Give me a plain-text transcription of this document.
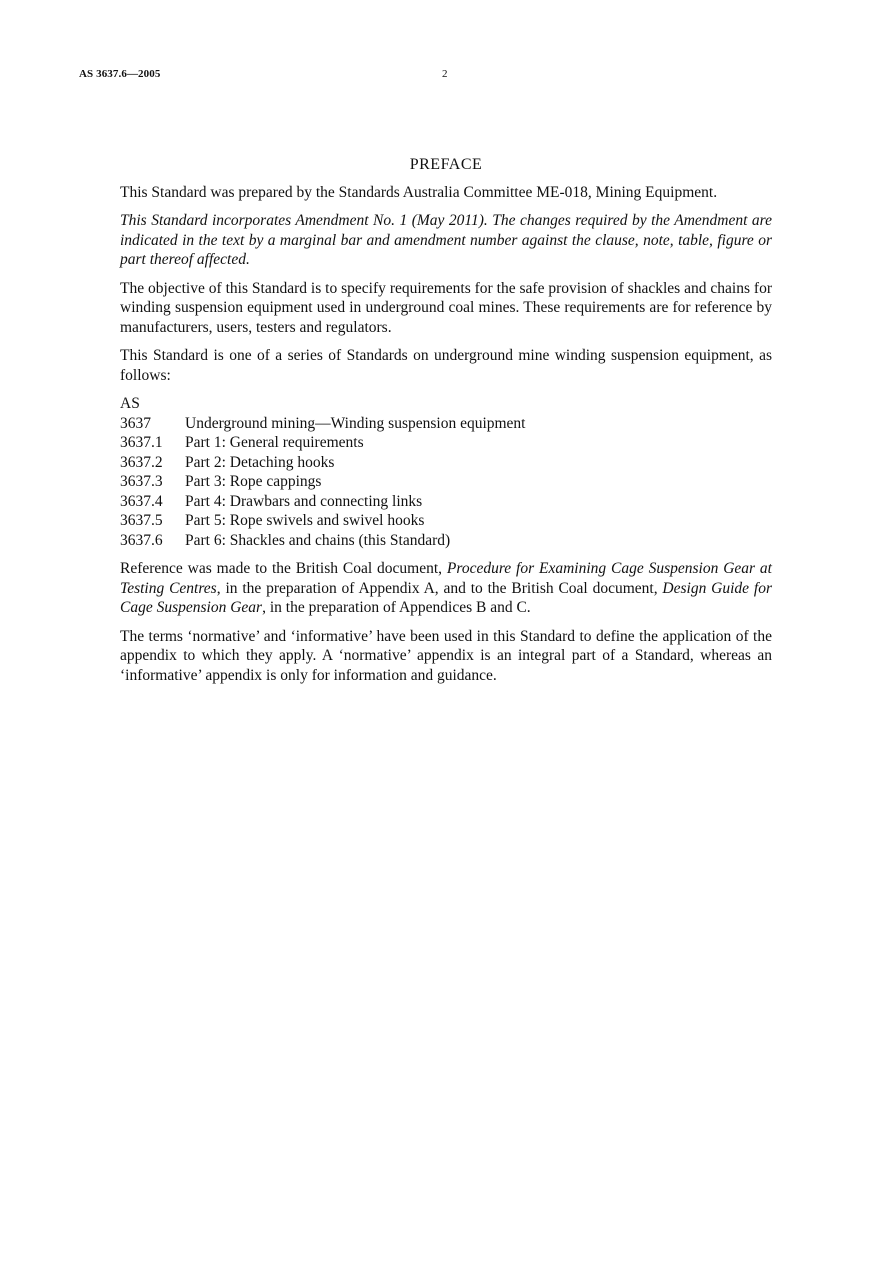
AS 3637.6—2005	2
PREFACE

This Standard was prepared by the Standards Australia Committee ME-018, Mining Equipment.

This Standard incorporates Amendment No. 1 (May 2011). The changes required by the Amendment are indicated in the text by a marginal bar and amendment number against the clause, note, table, figure or part thereof affected.

The objective of this Standard is to specify requirements for the safe provision of shackles and chains for winding suspension equipment used in underground coal mines. These requirements are for reference by manufacturers, users, testers and regulators.

This Standard is one of a series of Standards on underground mine winding suspension equipment, as follows:

AS
3637	Underground mining—Winding suspension equipment
3637.1	Part 1: General requirements
3637.2	Part 2: Detaching hooks
3637.3	Part 3: Rope cappings
3637.4	Part 4: Drawbars and connecting links
3637.5	Part 5: Rope swivels and swivel hooks
3637.6	Part 6: Shackles and chains (this Standard)

Reference was made to the British Coal document, Procedure for Examining Cage Suspension Gear at Testing Centres, in the preparation of Appendix A, and to the British Coal document, Design Guide for Cage Suspension Gear, in the preparation of Appendices B and C.

The terms ‘normative’ and ‘informative’ have been used in this Standard to define the application of the appendix to which they apply. A ‘normative’ appendix is an integral part of a Standard, whereas an ‘informative’ appendix is only for information and guidance.
